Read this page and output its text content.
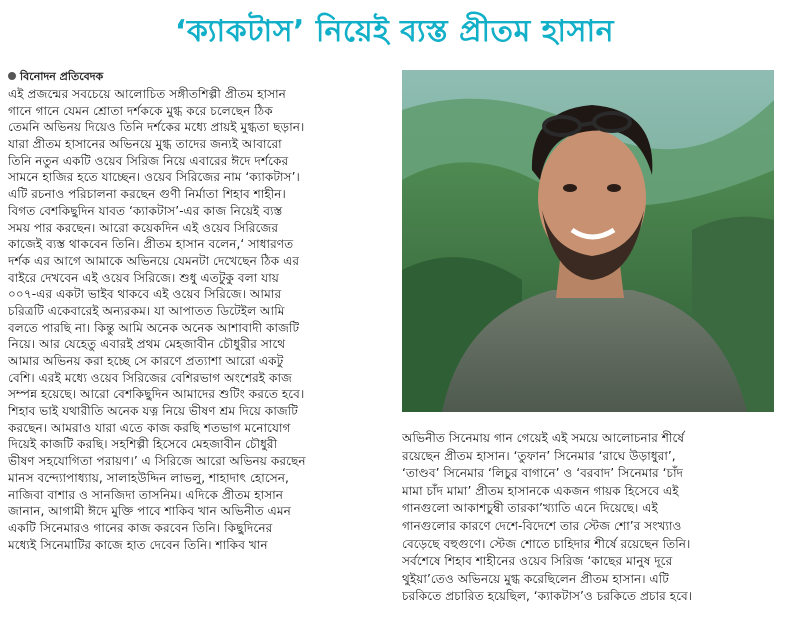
‘ক্যাকটাস’ নিয়েই ব্যস্ত প্রীতম হাসান
বিনোদন প্রতিবেদক
এই প্রজন্মের সবচেয়ে আলোচিত সঙ্গীতশিল্পী প্রীতম হাসান
গানে গানে যেমন শ্রোতা দর্শককে মুগ্ধ করে চলেছেন ঠিক
তেমনি অভিনয় দিয়েও তিনি দর্শকের মধ্যে প্রায়ই মুগ্ধতা ছড়ান।
যারা প্রীতম হাসানের অভিনয়ে মুগ্ধ তাদের জন্যই আবারো
তিনি নতুন একটি ওয়েব সিরিজ নিয়ে এবারের ঈদে দর্শকের
সামনে হাজির হতে যাচ্ছেন। ওয়েব সিরিজের নাম ‘ক্যাকটাস’।
এটি রচনাও পরিচালনা করছেন গুণী নির্মাতা শিহাব শাহীন।
বিগত বেশকিছুদিন যাবত ‘ক্যাকটাস’-এর কাজ নিয়েই ব্যস্ত
সময় পার করছেন। আরো কয়েকদিন এই ওয়েব সিরিজের
কাজেই ব্যস্ত থাকবেন তিনি। প্রীতম হাসান বলেন,‘ সাধারণত
দর্শক এর আগে আমাকে অভিনয়ে যেমনটা দেখেছেন ঠিক এর
বাইরে দেখবেন এই ওয়েব সিরিজে। শুধু এতটুকু বলা যায়
০০৭-এর একটা ভাইব থাকবে এই ওয়েব সিরিজে। আমার
চরিত্রটি একেবারেই অন্যরকম। যা আপাতত ডিটেইল আমি
বলতে পারছি না। কিন্তু আমি অনেক অনেক আশাবাদী কাজটি
নিয়ে। আর যেহেতু এবারই প্রথম মেহজাবীন চৌধুরীর সাথে
আমার অভিনয় করা হচ্ছে সে কারণে প্রত্যাশা আরো একটু
বেশি। এরই মধ্যে ওয়েব সিরিজের বেশিরভাগ অংশেরই কাজ
সম্পন্ন হয়েছে। আরো বেশকিছুদিন আমাদের শুটিং করতে হবে।
শিহাব ভাই যথারীতি অনেক যত্ন নিয়ে ভীষণ শ্রম দিয়ে কাজটি
করছেন। আমরাও যারা এতে কাজ করছি শতভাগ মনোযোগ
দিয়েই কাজটি করছি। সহশিল্পী হিসেবে মেহজাবীন চৌধুরী
ভীষণ সহযোগিতা পরায়ণ।’ এ সিরিজে আরো অভিনয় করছেন
মানস বন্দ্যোপাধ্যায়, সালাহউদ্দিন লাভলু, শাহাদাৎ হোসেন,
নাজিবা বাশার ও সানজিদা তাসনিম। এদিকে প্রীতম হাসান
জানান, আগামী ঈদে মুক্তি পাবে শাকিব খান অভিনীত এমন
একটি সিনেমারও গানের কাজ করবেন তিনি। কিছুদিনের
মধ্যেই সিনেমাটির কাজে হাত দেবেন তিনি। শাকিব খান
অভিনীত সিনেমায় গান গেয়েই এই সময়ে আলোচনার শীর্ষে
রয়েছেন প্রীতম হাসান। ‘তুফান’ সিনেমার ‘রাঘে উড়াধুরা’,
‘তাণ্ডব’ সিনেমার ‘লিচুর বাগানে’ ও ‘বরবাদ’ সিনেমার ‘চাঁদ
মামা চাঁদ মামা’ প্রীতম হাসানকে একজন গায়ক হিসেবে এই
গানগুলো আকাশচুম্বী তারকা’খ্যাতি এনে দিয়েছে। এই
গানগুলোর কারণে দেশে-বিদেশে তার স্টেজ শো’র সংখ্যাও
বেড়েছে বহুগুণে। স্টেজ শোতে চাহিদার শীর্ষে রয়েছেন তিনি।
সর্বশেষে শিহাব শাহীনের ওয়েব সিরিজ ‘কাছের মানুষ দূরে
থুইয়া’তেও অভিনয়ে মুগ্ধ করেছিলেন প্রীতম হাসান। এটি
চরকিতে প্রচারিত হয়েছিল, ‘ক্যাকটাস’ও চরকিতে প্রচার হবে।
